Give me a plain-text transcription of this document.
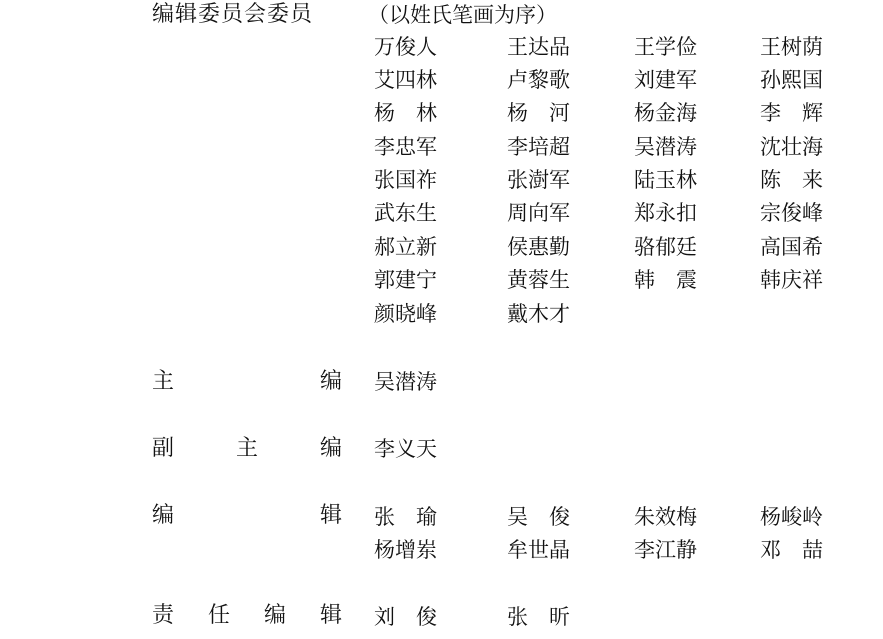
编辑委员会委员	（以姓氏笔画为序）
万俊人	王达品	王学俭	王树荫
艾四林	卢黎歌	刘建军	孙熙国
杨　林	杨　河	杨金海	李　辉
李忠军	李培超	吴潜涛	沈壮海
张国祚	张澍军	陆玉林	陈　来
武东生	周向军	郑永扣	宗俊峰
郝立新	侯惠勤	骆郁廷	高国希
郭建宁	黄蓉生	韩　震	韩庆祥
颜晓峰	戴木才
主	编 吴潜涛
副	主	编 李义天
编	辑 张　瑜	吴　俊	朱效梅	杨峻岭
杨增岽	牟世晶	李江静	邓　喆
责 任 编 辑 刘　俊	张　昕
